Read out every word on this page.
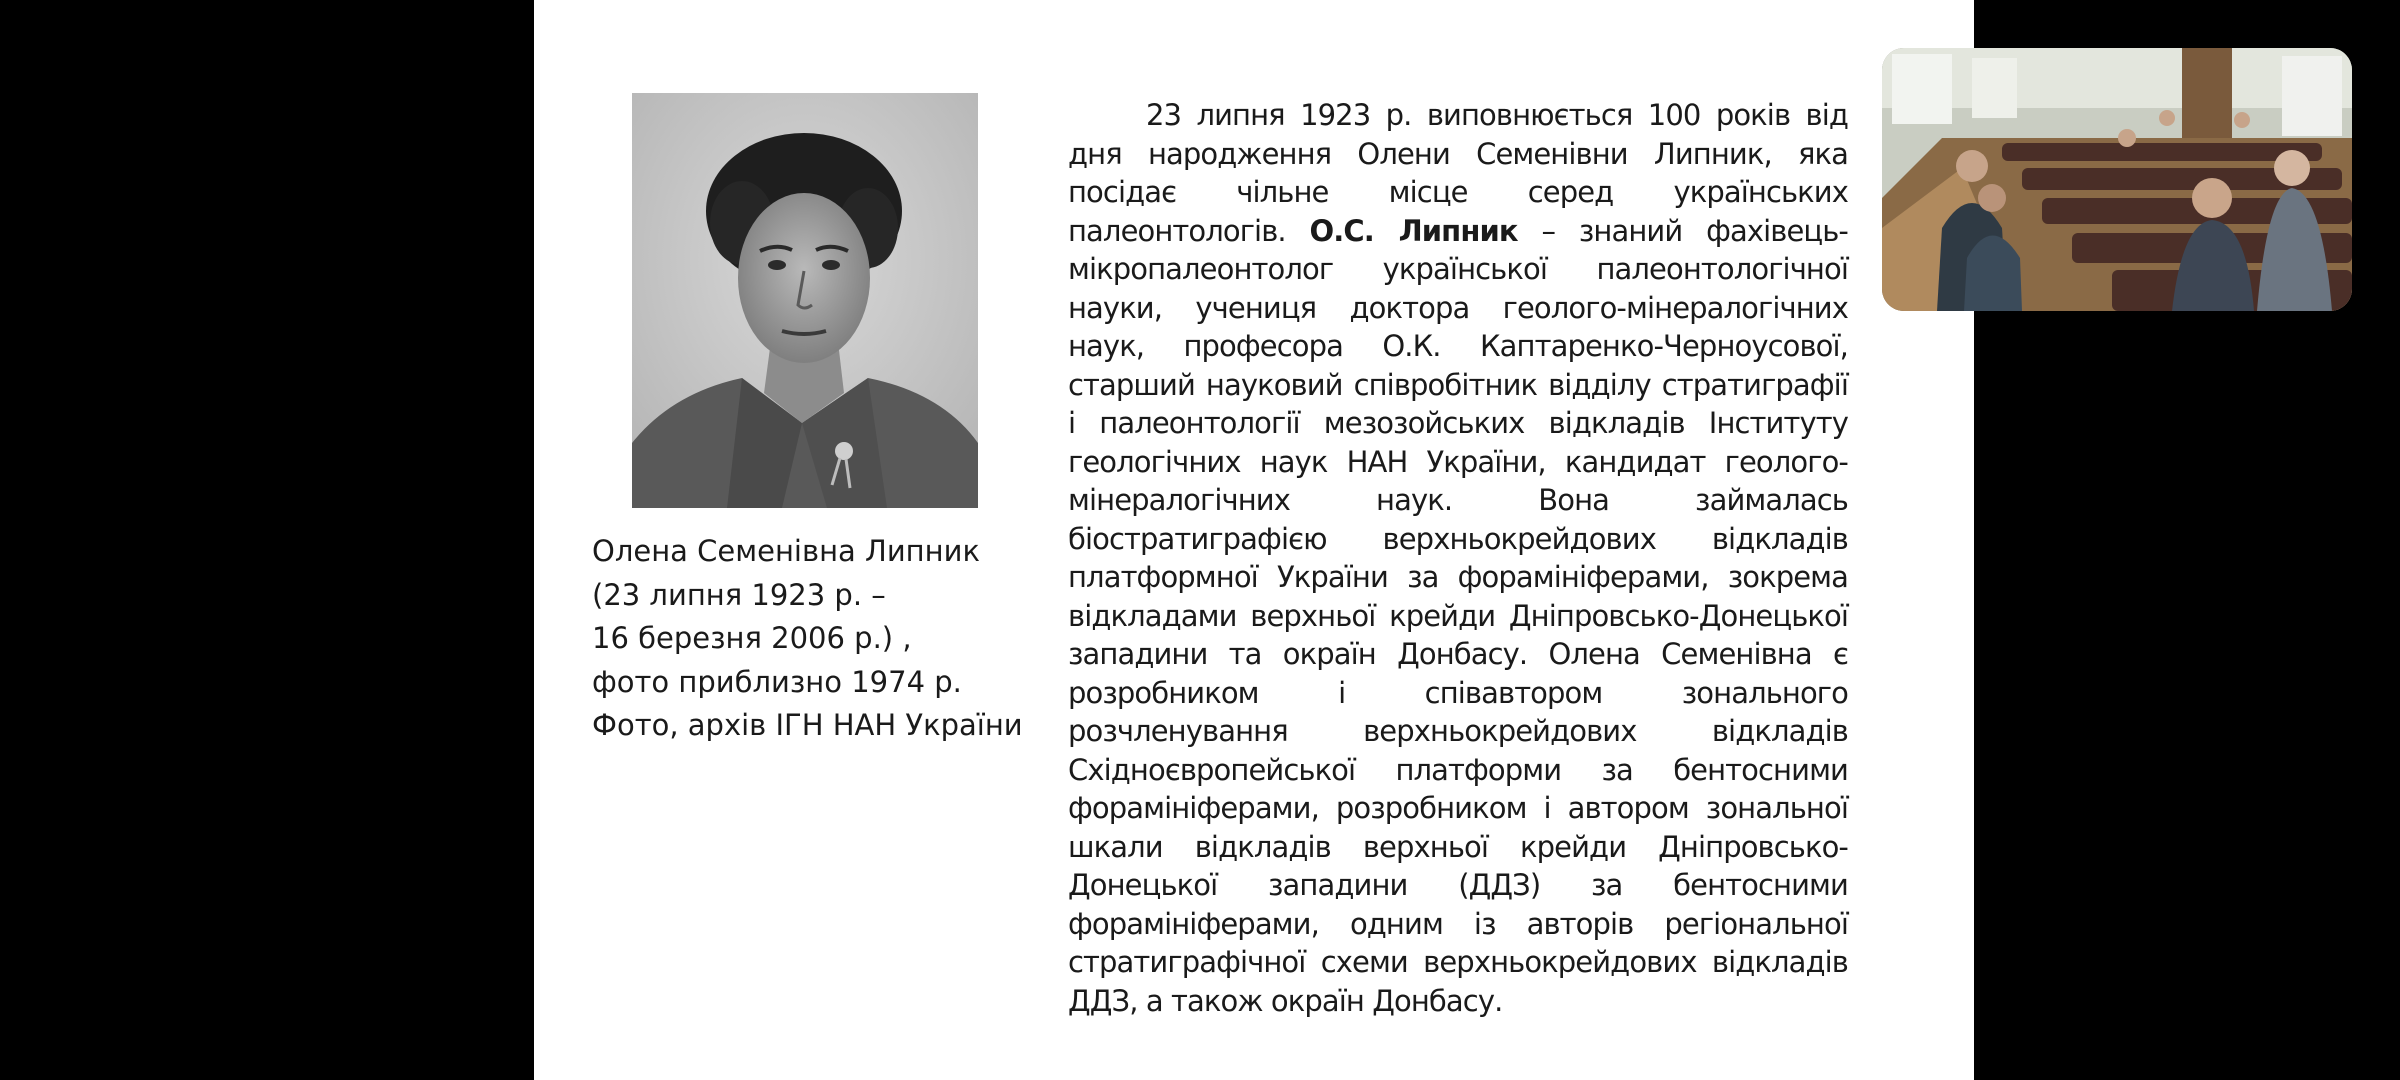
Олена Семенівна Липник
(23 липня 1923 р. –
16 березня 2006 р.) ,
фото приблизно 1974 р.
Фото, архів ІГН НАН України
23 липня 1923 р. виповнюється 100 років від дня народження Олени Семенівни Липник, яка посідає чільне місце серед українських палеонтологів. О.С. Липник – знаний фахівець-мікропалеонтолог української палеонтологічної науки, учениця доктора геолого-мінералогічних наук, професора О.К. Каптаренко-Черноусової, старший науковий співробітник відділу стратиграфії і палеонтології мезозойських відкладів Інституту геологічних наук НАН України, кандидат геолого-мінералогічних наук. Вона займалась біостратиграфією верхньокрейдових відкладів платформної України за форамініферами, зокрема відкладами верхньої крейди Дніпровсько-Донецької западини та окраїн Донбасу. Олена Семенівна є розробником і співавтором зонального розчленування верхньокрейдових відкладів Східноєвропейської платформи за бентосними форамініферами, розробником і автором зональної шкали відкладів верхньої крейди Дніпровсько-Донецької западини (ДДЗ) за бентосними форамініферами, одним із авторів регіональної стратиграфічної схеми верхньокрейдових відкладів ДДЗ, а також окраїн Донбасу.
